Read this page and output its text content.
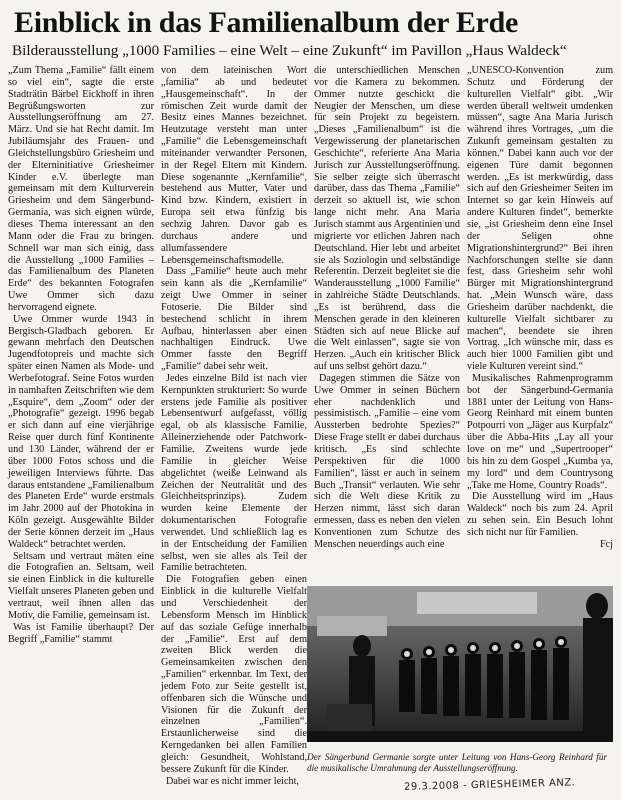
Einblick in das Familienalbum der Erde
Bilderausstellung „1000 Families – eine Welt – eine Zukunft“ im Pavillon „Haus Waldeck“

„Zum Thema „Familie“ fällt einem so viel ein“, sagte die erste Stadträtin Bärbel Eickhoff in ihren Begrüßungsworten zur Ausstellungseröffnung am 27. März. Und sie hat Recht damit. Im Jubiläumsjahr des Frauen- und Gleichstellungsbüro Griesheim und der Elterninitiative Griesheimer Kinder e.V. überlegte man gemeinsam mit dem Kulturverein Griesheim und dem Sängerbund-Germania, was sich eignen würde, dieses Thema interessant an den Mann oder die Frau zu bringen. Schnell war man sich einig, dass die Ausstellung „1000 Families – das Familienalbum des Planeten Erde“ des bekannten Fotografen Uwe Ommer sich dazu hervorragend eignete.

Uwe Ommer wurde 1943 in Bergisch-Gladbach geboren. Er gewann mehrfach den Deutschen Jugendfotopreis und machte sich später einen Namen als Mode- und Werbefotograf. Seine Fotos wurden in namhaften Zeitschriften wie dem „Esquire“, dem „Zoom“ oder der „Photografie“ gezeigt. 1996 begab er sich dann auf eine vierjährige Reise quer durch fünf Kontinente und 130 Länder, während der er über 1000 Fotos schoss und die jeweiligen Interviews führte. Das daraus entstandene „Familienalbum des Planeten Erde“ wurde erstmals im Jahr 2000 auf der Photokina in Köln gezeigt. Ausgewählte Bilder der Serie können derzeit im „Haus Waldeck“ betrachtet werden.

Seltsam und vertraut mäten eine die Fotografien an. Seltsam, weil sie einen Einblick in die kulturelle Vielfalt unseres Planeten geben und vertraut, weil ihnen allen das Motiv, die Familie, gemeinsam ist.

Was ist Familie überhaupt? Der Begriff „Familie“ stammt

von dem lateinischen Wort „familia“ ab und bedeutet „Hausgemeinschaft“. In der römischen Zeit wurde damit der Besitz eines Mannes bezeichnet. Heutzutage versteht man unter „Familie“ die Lebensgemeinschaft miteinander verwandter Personen, in der Regel Eltern mit Kindern. Diese sogenannte „Kernfamilie“, bestehend aus Mutter, Vater und Kind bzw. Kindern, existiert in Europa seit etwa fünfzig bis sechzig Jahren. Davor gab es durchaus andere und allumfassendere Lebensgemeinschaftsmodelle.

Dass „Familie“ heute auch mehr sein kann als die „Kernfamilie“ zeigt Uwe Ommer in seiner Fotoserie. Die Bilder sind bestechend schlicht in ihrem Aufbau, hinterlassen aber einen nachhaltigen Eindruck. Uwe Ommer fasste den Begriff „Familie“ dabei sehr weit.

Jedes einzelne Bild ist nach vier Kernpunkten strukturiert: So wurde erstens jede Familie als positiver Lebensentwurf aufgefasst, völlig egal, ob als klassische Familie, Alleinerziehende oder Patchwork-Familie. Zweitens wurde jede Familie in gleicher Weise abgelichtet (weiße Leinwand als Zeichen der Neutralität und des Gleichheitsprinzips). Zudem wurden keine Elemente der dokumentarischen Fotografie verwendet. Und schließlich lag es in der Entscheidung der Familien selbst, wen sie alles als Teil der Familie betrachteten.

Die Fotografien geben einen Einblick in die kulturelle Vielfalt und Verschiedenheit der Lebensform Mensch im Hinblick auf das soziale Gefüge innerhalb der „Familie“. Erst auf dem zweiten Blick werden die Gemeinsamkeiten zwischen den „Familien“ erkennbar. Im Text, der jedem Foto zur Seite gestellt ist, offenbaren sich die Wünsche und Visionen für die Zukunft der einzelnen „Familien“. Erstaunlicherweise sind die Kerngedanken bei allen Familien gleich: Gesundheit, Wohlstand, bessere Zukunft für die Kinder.

Dabei war es nicht immer leicht,

die unterschiedlichen Menschen vor die Kamera zu bekommen. Ommer nutzte geschickt die Neugier der Menschen, um diese für sein Projekt zu begeistern. „Dieses „Familienalbum“ ist die Vergewisserung der planetarischen Geschichte“, referierte Ana Maria Jurisch zur Ausstellungseröffnung. Sie selber zeigte sich überrascht darüber, dass das Thema „Familie“ derzeit so aktuell ist, wie schon lange nicht mehr. Ana Maria Jurisch stammt aus Argentinien und migrierte vor etlichen Jahren nach Deutschland. Hier lebt und arbeitet sie als Soziologin und selbständige Referentin. Derzeit begleitet sie die Wanderausstellung „1000 Familie“ in zahlreiche Städte Deutschlands. „Es ist berührend, dass die Menschen gerade in den kleineren Städten sich auf neue Blicke auf die Welt einlassen“, sagte sie von Herzen. „Auch ein kritischer Blick auf uns selbst gehört dazu.“

Dagegen stimmen die Sätze von Uwe Ommer in seinen Büchern eher nachdenklich und pessimistisch. „Familie – eine vom Aussterben bedrohte Spezies?“ Diese Frage stellt er dabei durchaus kritisch. „Es sind schlechte Perspektiven für die 1000 Familien“, lässt er auch in seinem Buch „Transit“ verlauten. Wie sehr sich die Welt diese Kritik zu Herzen nimmt, lässt sich daran ermessen, dass es neben den vielen Konventionen zum Schutze des Menschen neuerdings auch eine

„UNESCO-Konvention zum Schutz und Förderung der kulturellen Vielfalt“ gibt. „Wir werden überall weltweit umdenken müssen“, sagte Ana Maria Jurisch während ihres Vortrages, „um die Zukunft gemeinsam gestalten zu können.“ Dabei kann auch vor der eigenen Türe damit begonnen werden. „Es ist merkwürdig, dass sich auf den Griesheimer Seiten im Internet so gar kein Hinweis auf andere Kulturen findet“, bemerkte sie, „ist Griesheim denn eine Insel der Seligen ohne Migrationshintergrund?“ Bei ihren Nachforschungen stellte sie dann fest, dass Griesheim sehr wohl Bürger mit Migrationshintergrund hat. „Mein Wunsch wäre, dass Griesheim darüber nachdenkt, die kulturelle Vielfalt sichtbarer zu machen“, beendete sie ihren Vortrag. „Ich wünsche mir, dass es auch hier 1000 Familien gibt und viele Kulturen vereint sind.“

Musikalisches Rahmenprogramm bot der Sängerbund-Germania 1881 unter der Leitung von Hans-Georg Reinhard mit einem bunten Potpourri von „Jäger aus Kurpfalz“ über die Abba-Hits „Lay all your love on me“ und „Supertrooper“ bis hin zu dem Gospel „Kumba ya, my lord“ und dem Countrysong „Take me Home, Country Roads“.

Die Ausstellung wird im „Haus Waldeck“ noch bis zum 24. April zu sehen sein. Ein Besuch lohnt sich nicht nur für Familien.

Fcj

Der Sängerbund Germanie sorgte unter Leitung von Hans-Georg Reinhard für die musikalische Umrahmung der Ausstellungseröffnung.
29.3.2008 - GRIESHEIMER ANZ.
